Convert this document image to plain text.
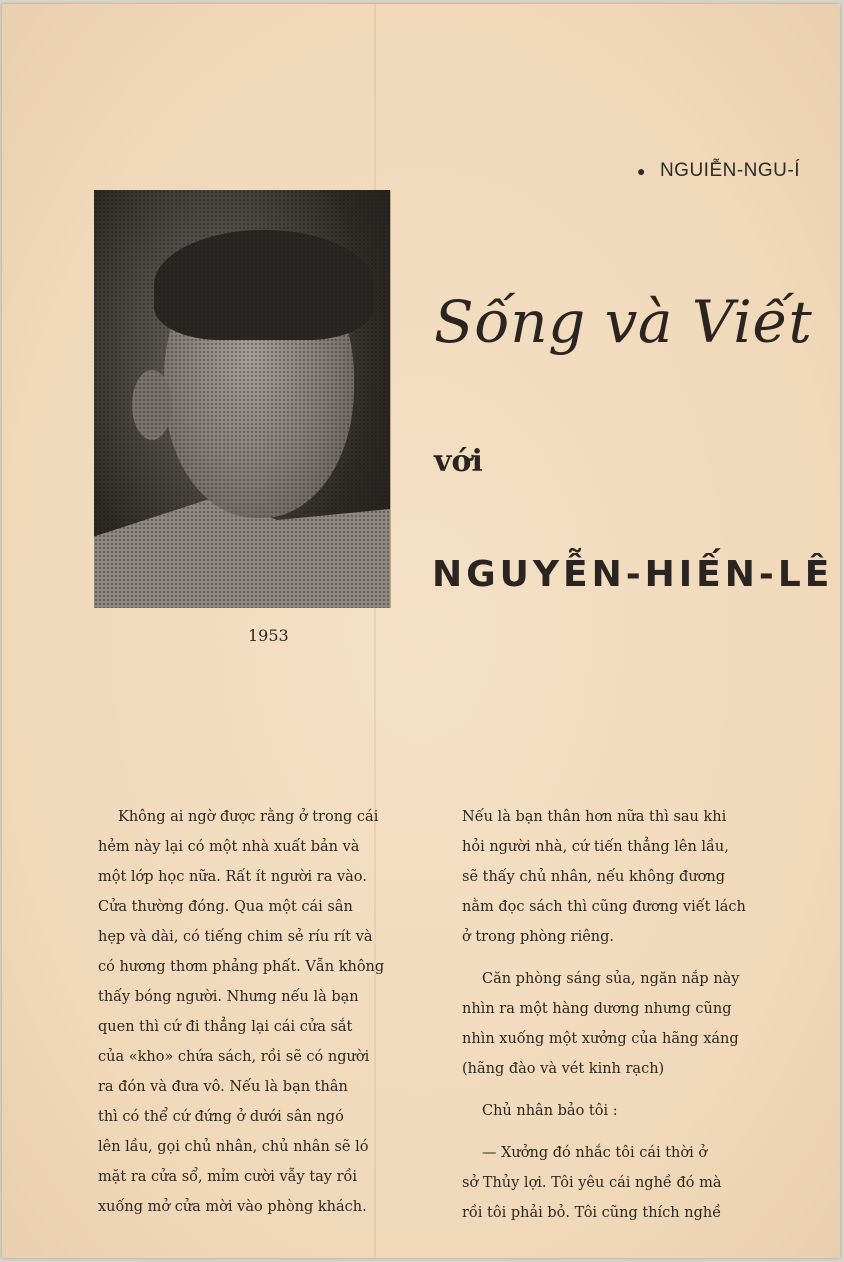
● NGUIỄN-NGU-Í
1953
Sống và Viết
với
NGUYỄN-HIẾN-LÊ

Không ai ngờ được rằng ở trong cái
hẻm này lại có một nhà xuất bản và
một lớp học nữa. Rất ít người ra vào.
Cửa thường đóng. Qua một cái sân
hẹp và dài, có tiếng chim sẻ ríu rít và
có hương thơm phảng phất. Vẫn không
thấy bóng người. Nhưng nếu là bạn
quen thì cứ đi thẳng lại cái cửa sắt
của «kho» chứa sách, rồi sẽ có người
ra đón và đưa vô. Nếu là bạn thân
thì có thể cứ đứng ở dưới sân ngó
lên lầu, gọi chủ nhân, chủ nhân sẽ ló
mặt ra cửa sổ, mỉm cười vẫy tay rồi
xuống mở cửa mời vào phòng khách.

Nếu là bạn thân hơn nữa thì sau khi
hỏi người nhà, cứ tiến thẳng lên lầu,
sẽ thấy chủ nhân, nếu không đương
nằm đọc sách thì cũng đương viết lách
ở trong phòng riêng.

Căn phòng sáng sủa, ngăn nắp này
nhìn ra một hàng dương nhưng cũng
nhìn xuống một xưởng của hãng xáng
(hãng đào và vét kinh rạch)

Chủ nhân bảo tôi :

— Xưởng đó nhắc tôi cái thời ở
sở Thủy lợi. Tôi yêu cái nghề đó mà
rồi tôi phải bỏ. Tôi cũng thích nghề
